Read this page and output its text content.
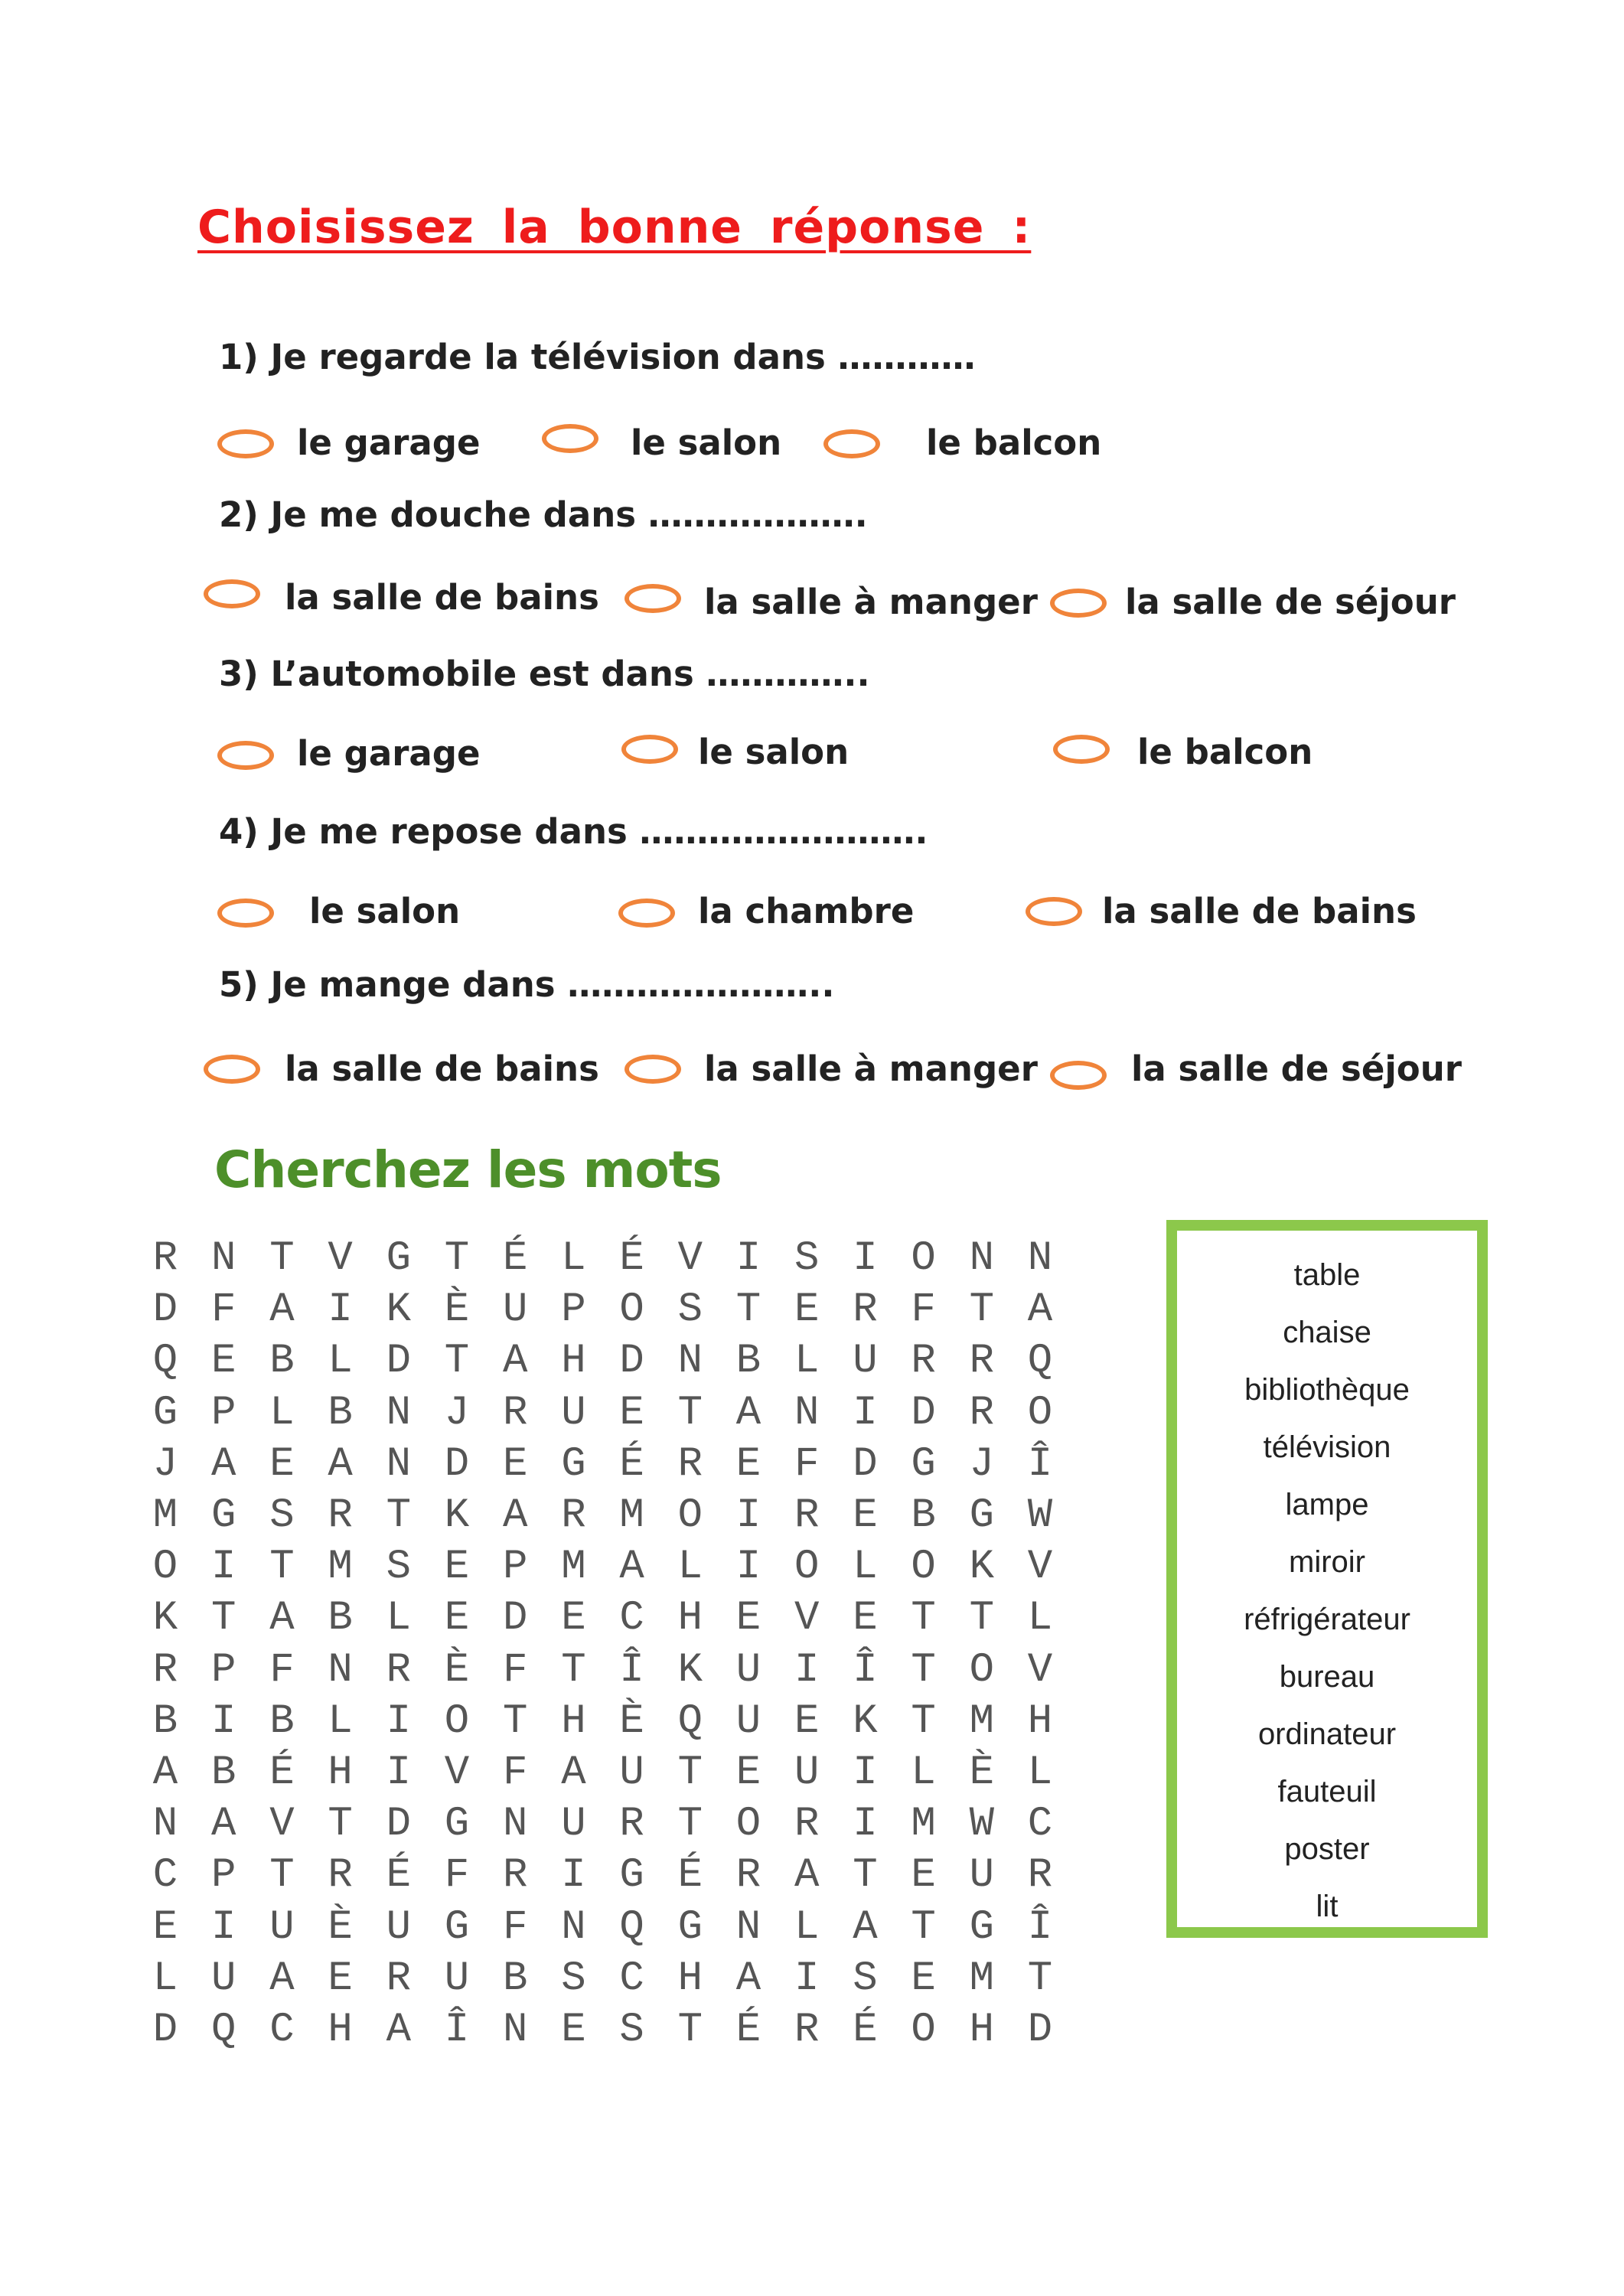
Choisissez la bonne réponse :
1) Je regarde la télévision dans …………
le garage	le salon	le balcon
2) Je me douche dans ……………….
la salle de bains	la salle à manger	la salle de séjour
3) L’automobile est dans …………..
le garage	le salon	le balcon
4) Je me repose dans …………………….
le salon	la chambre	la salle de bains
5) Je mange dans …………………..
la salle de bains	la salle à manger	la salle de séjour
Cherchez les mots
R N T V G T É L É V I S I O N N
D F A I K È U P O S T E R F T A
Q E B L D T A H D N B L U R R Q
G P L B N J R U E T A N I D R O
J A E A N D E G É R E F D G J Î
M G S R T K A R M O I R E B G W
O I T M S E P M A L I O L O K V
K T A B L E D E C H E V E T T L
R P F N R È F T Î K U I Î T O V
B I B L I O T H È Q U E K T M H
A B É H I V F A U T E U I L È L
N A V T D G N U R T O R I M W C
C P T R É F R I G É R A T E U R
E I U È U G F N Q G N L A T G Î
L U A E R U B S C H A I S E M T
D Q C H A Î N E S T É R É O H D
table
chaise
bibliothèque
télévision
lampe
miroir
réfrigérateur
bureau
ordinateur
fauteuil
poster
lit
